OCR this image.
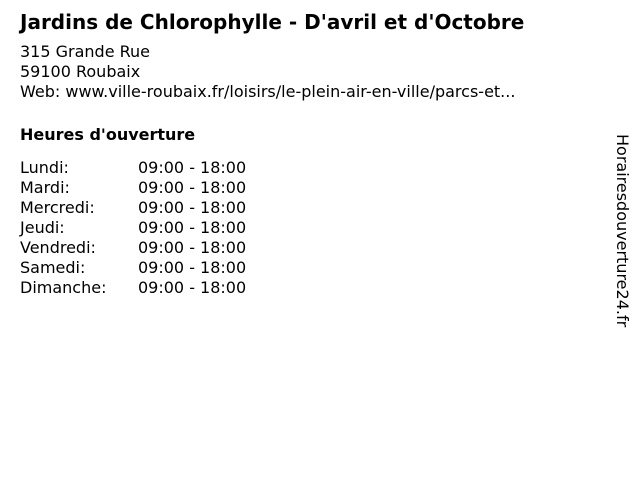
Jardins de Chlorophylle - D'avril et d'Octobre
315 Grande Rue
59100 Roubaix
Web: www.ville-roubaix.fr/loisirs/le-plein-air-en-ville/parcs-et...
Heures d'ouverture
Lundi:	09:00 - 18:00
Mardi:	09:00 - 18:00
Mercredi:	09:00 - 18:00
Jeudi:	09:00 - 18:00
Vendredi:	09:00 - 18:00
Samedi:	09:00 - 18:00
Dimanche:	09:00 - 18:00	Horairesdouverture24.fr
